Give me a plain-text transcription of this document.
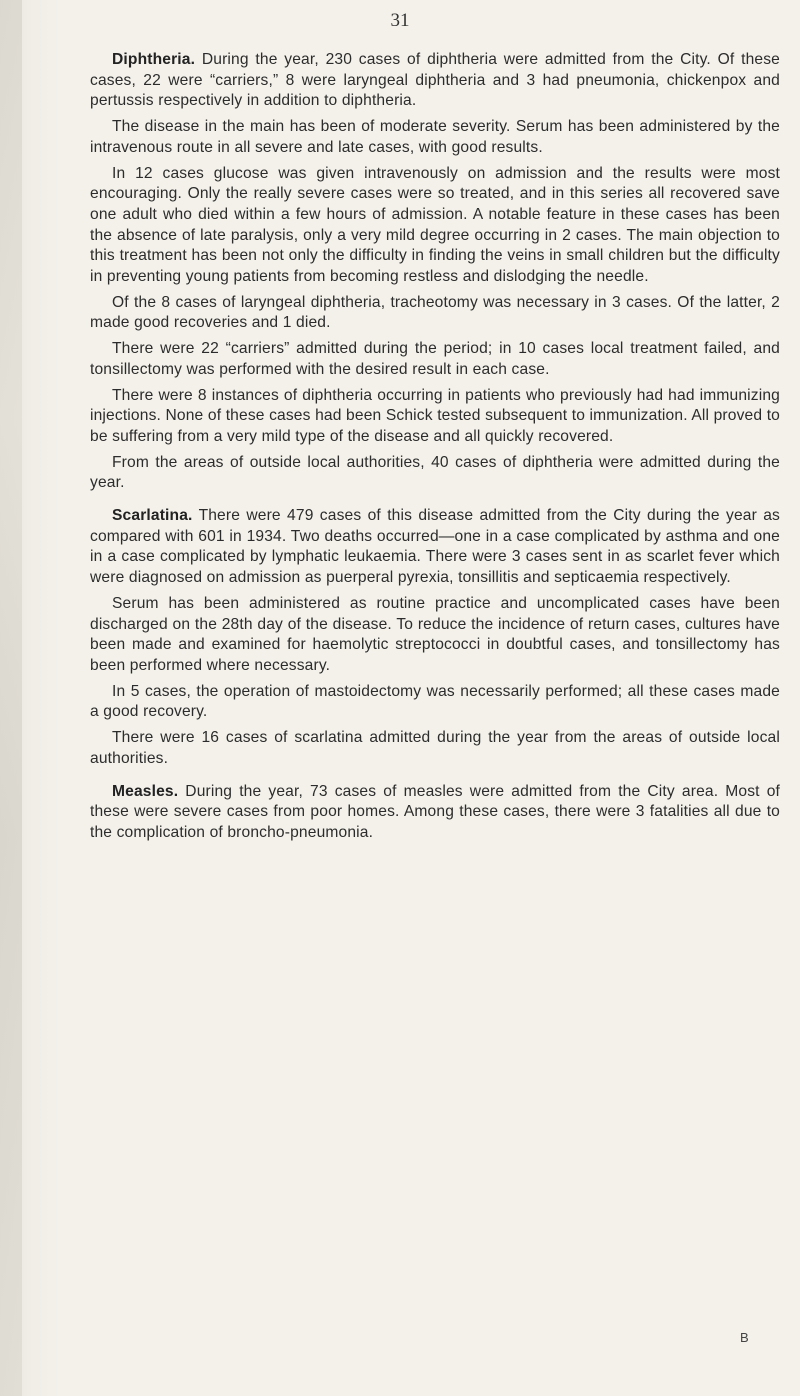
31

Diphtheria. During the year, 230 cases of diphtheria were admitted from the City. Of these cases, 22 were “carriers,” 8 were laryngeal diphtheria and 3 had pneumonia, chickenpox and pertussis respectively in addition to diphtheria.

The disease in the main has been of moderate severity. Serum has been administered by the intravenous route in all severe and late cases, with good results.

In 12 cases glucose was given intravenously on admission and the results were most encouraging. Only the really severe cases were so treated, and in this series all recovered save one adult who died within a few hours of admission. A notable feature in these cases has been the absence of late paralysis, only a very mild degree occurring in 2 cases. The main objection to this treatment has been not only the difficulty in finding the veins in small children but the difficulty in preventing young patients from becoming restless and dislodging the needle.

Of the 8 cases of laryngeal diphtheria, tracheotomy was necessary in 3 cases. Of the latter, 2 made good recoveries and 1 died.

There were 22 “carriers” admitted during the period; in 10 cases local treatment failed, and tonsillectomy was performed with the desired result in each case.

There were 8 instances of diphtheria occurring in patients who previously had had immunizing injections. None of these cases had been Schick tested subsequent to immunization. All proved to be suffering from a very mild type of the disease and all quickly recovered.

From the areas of outside local authorities, 40 cases of diphtheria were admitted during the year.

Scarlatina. There were 479 cases of this disease admitted from the City during the year as compared with 601 in 1934. Two deaths occurred—one in a case complicated by asthma and one in a case complicated by lymphatic leukaemia. There were 3 cases sent in as scarlet fever which were diagnosed on admission as puerperal pyrexia, tonsillitis and septicaemia respectively.

Serum has been administered as routine practice and uncomplicated cases have been discharged on the 28th day of the disease. To reduce the incidence of return cases, cultures have been made and examined for haemolytic streptococci in doubtful cases, and tonsillectomy has been performed where necessary.

In 5 cases, the operation of mastoidectomy was necessarily performed; all these cases made a good recovery.

There were 16 cases of scarlatina admitted during the year from the areas of outside local authorities.

Measles. During the year, 73 cases of measles were admitted from the City area. Most of these were severe cases from poor homes. Among these cases, there were 3 fatalities all due to the complication of broncho-pneumonia.

B
